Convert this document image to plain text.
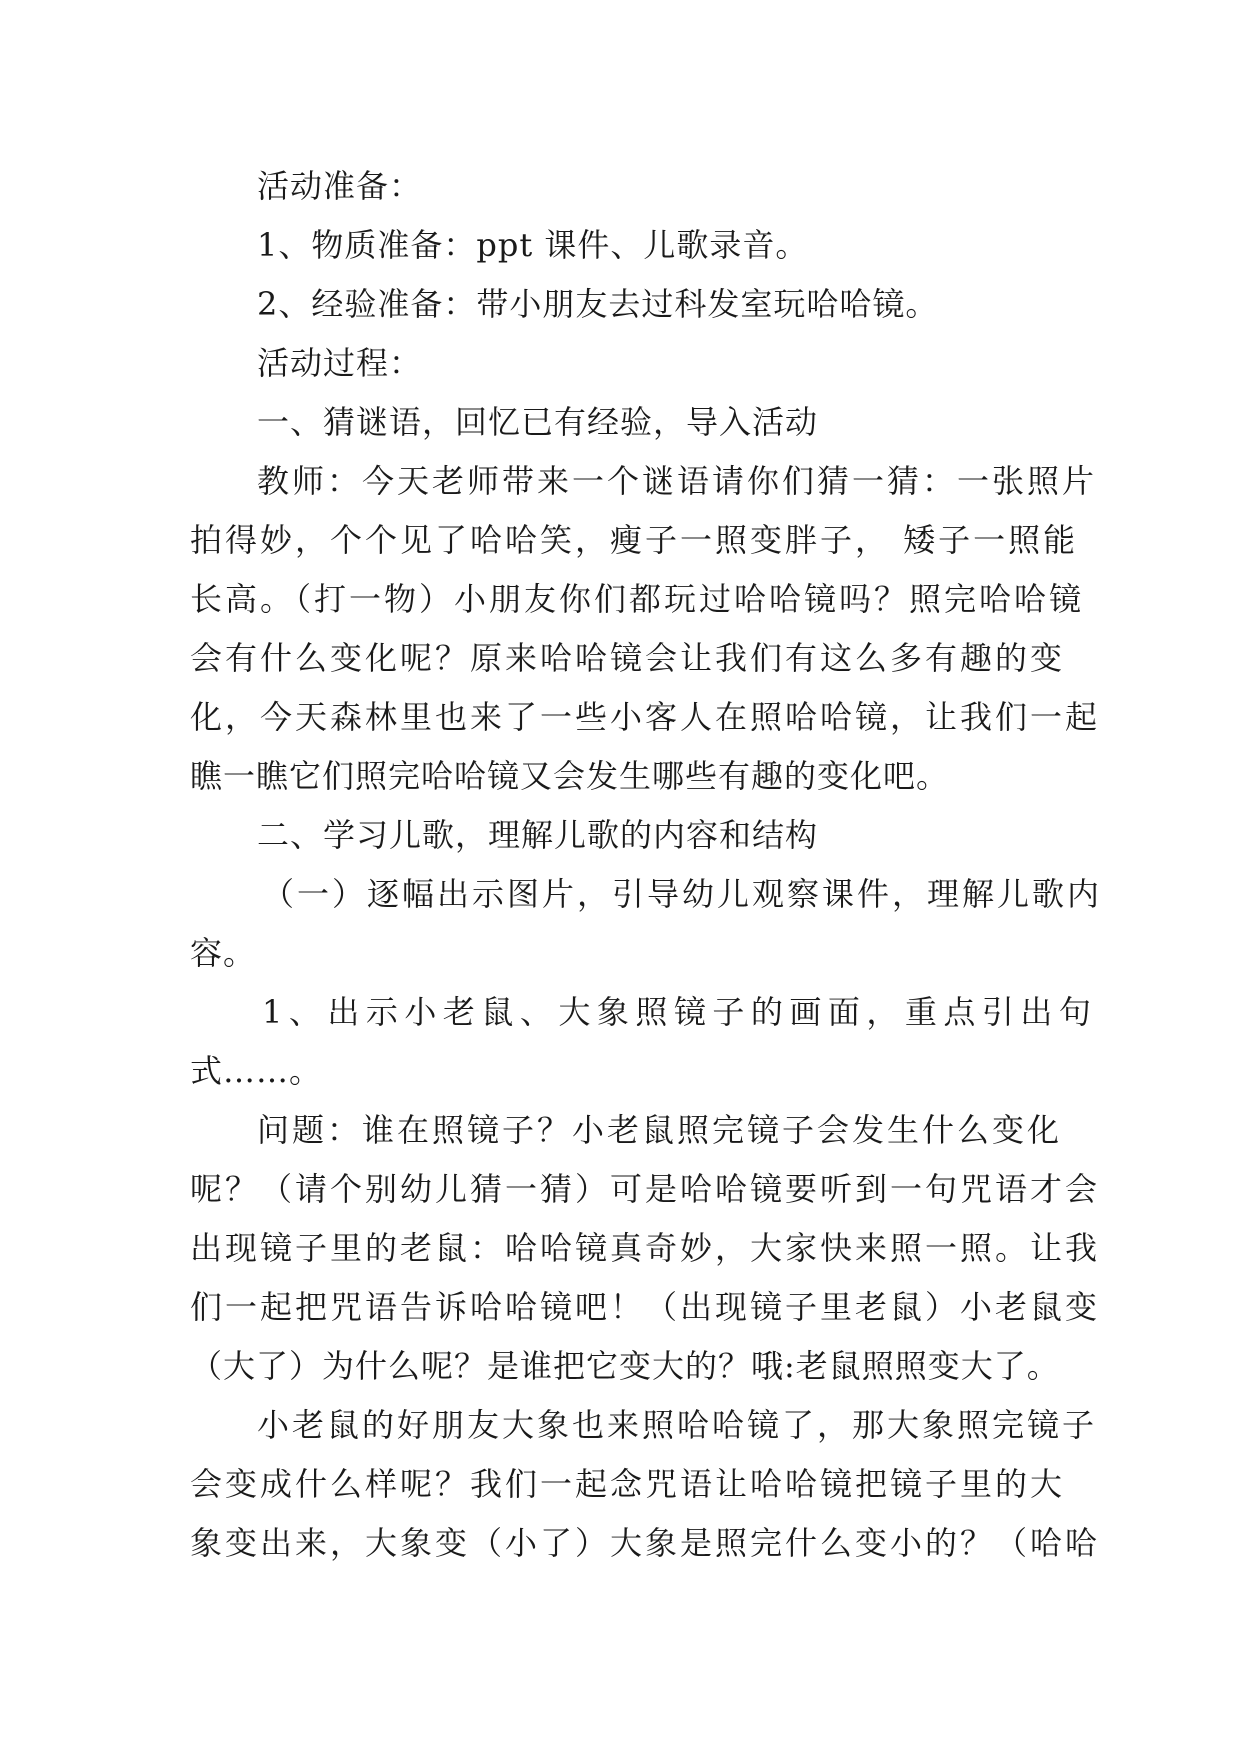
活动准备：
1、物质准备：ppt 课件、儿歌录音。
2、经验准备：带小朋友去过科发室玩哈哈镜。
活动过程：
一、猜谜语，回忆已有经验，导入活动
教师：今天老师带来一个谜语请你们猜一猜：一张照片
拍得妙，个个见了哈哈笑，瘦子一照变胖子， 矮子一照能
长高。（打一物）小朋友你们都玩过哈哈镜吗？照完哈哈镜
会有什么变化呢？原来哈哈镜会让我们有这么多有趣的变
化，今天森林里也来了一些小客人在照哈哈镜，让我们一起
瞧一瞧它们照完哈哈镜又会发生哪些有趣的变化吧。
二、学习儿歌，理解儿歌的内容和结构
（一）逐幅出示图片，引导幼儿观察课件，理解儿歌内
容。
1、出示小老鼠、大象照镜子的画面，重点引出句
式……。
问题：谁在照镜子？小老鼠照完镜子会发生什么变化
呢？（请个别幼儿猜一猜）可是哈哈镜要听到一句咒语才会
出现镜子里的老鼠：哈哈镜真奇妙，大家快来照一照。让我
们一起把咒语告诉哈哈镜吧！（出现镜子里老鼠）小老鼠变
（大了）为什么呢？是谁把它变大的？哦:老鼠照照变大了。
小老鼠的好朋友大象也来照哈哈镜了，那大象照完镜子
会变成什么样呢？我们一起念咒语让哈哈镜把镜子里的大
象变出来，大象变（小了）大象是照完什么变小的？（哈哈
